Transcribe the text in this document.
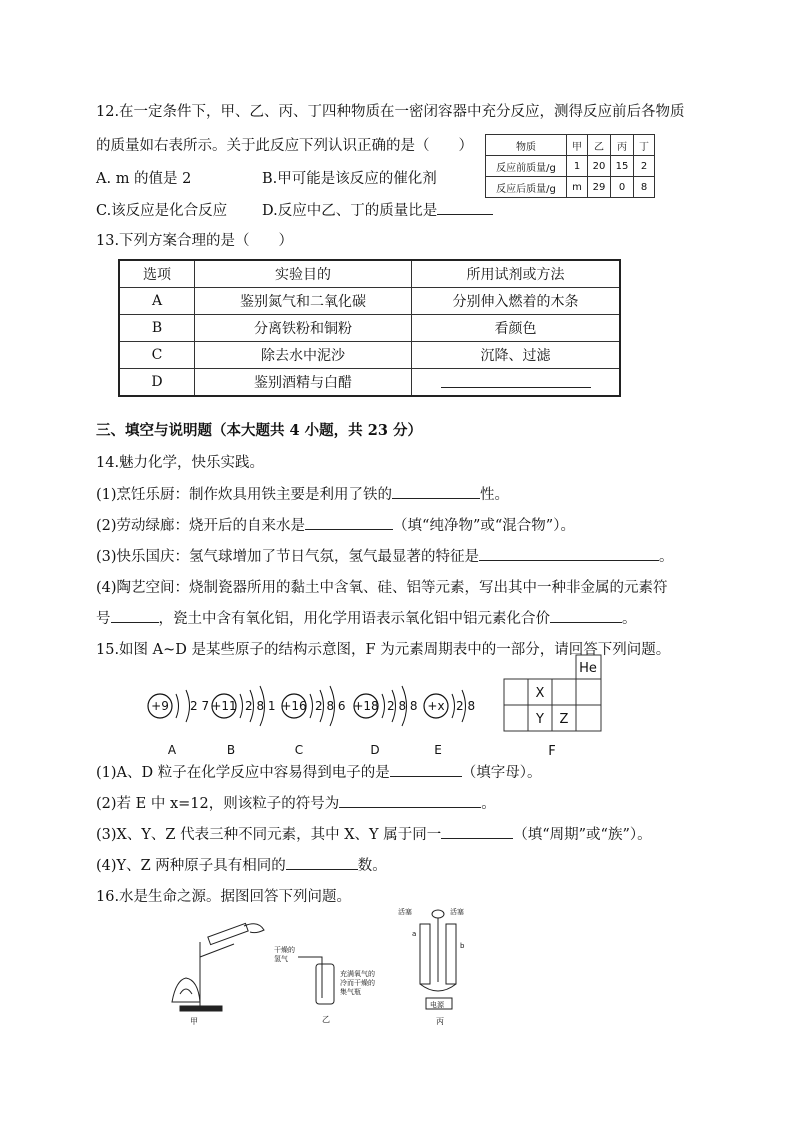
12.在一定条件下，甲、乙、丙、丁四种物质在一密闭容器中充分反应，测得反应前后各物质
的质量如右表所示。关于此反应下列认识正确的是（　　）
A. m 的值是 2	B.甲可能是该反应的催化剂
C.该反应是化合反应 D.反应中乙、丁的质量比是
物质	甲	乙	丙	丁
反应前质量/g	1	20	15	2
反应后质量/g	m	29	0	8
13.下列方案合理的是（　　）
选项	实验目的	所用试剂或方法
A	鉴别氮气和二氧化碳	分别伸入燃着的木条
B	分离铁粉和铜粉	看颜色
C	除去水中泥沙	沉降、过滤
D	鉴别酒精与白醋	
三、填空与说明题（本大题共 4 小题，共 23 分）
14.魅力化学，快乐实践。
(1)烹饪乐厨：制作炊具用铁主要是利用了铁的	性。
(2)劳动绿廊：烧开后的自来水是	（填“纯净物”或“混合物”）。
(3)快乐国庆：氢气球增加了节日气氛，氢气最显著的特征是	。
(4)陶艺空间：烧制瓷器所用的黏土中含氧、硅、铝等元素，写出其中一种非金属的元素符
号	，瓷土中含有氧化铝，用化学用语表示氧化铝中铝元素化合价	。
15.如图 A~D 是某些原子的结构示意图，F 为元素周期表中的一部分，请回答下列问题。
+9 2 7
A
+11 2 8 1
B
+16 2 8 6
C
+18 2 8 8
D
+x 2 8
E
He
X
Y Z
F
(1)A、D 粒子在化学反应中容易得到电子的是	（填字母）。
(2)若 E 中 x=12，则该粒子的符号为	。
(3)X、Y、Z 代表三种不同元素，其中 X、Y 属于同一	（填“周期”或“族”）。
(4)Y、Z 两种原子具有相同的	数。
16.水是生命之源。据图回答下列问题。
甲
干燥的
氢气
充满氧气的
冷而干燥的
集气瓶
乙
活塞	活塞
a
b
电源
丙
